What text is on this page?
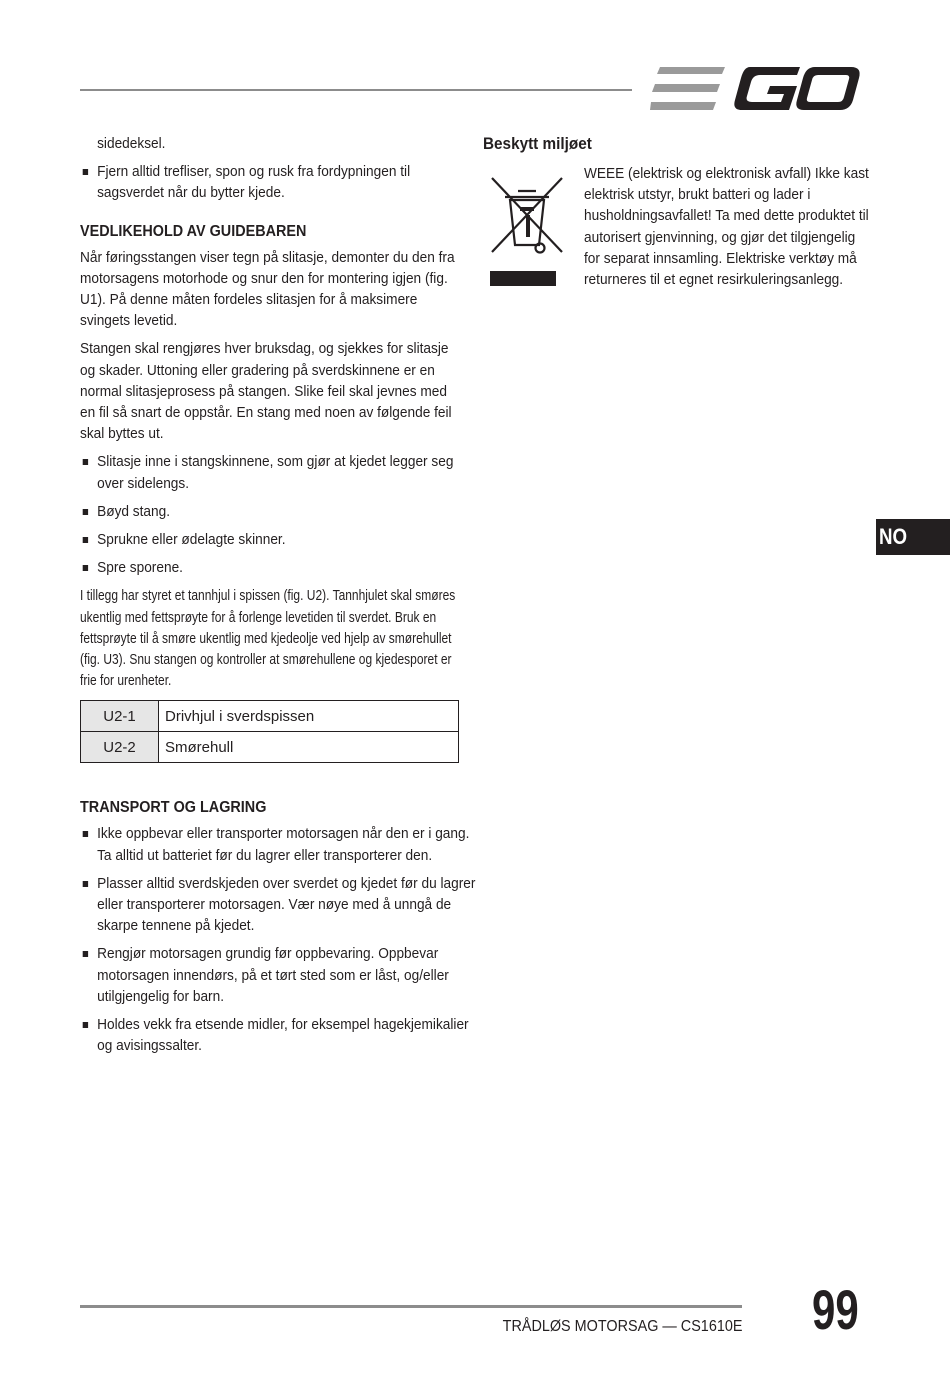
sidedeksel.
Fjern alltid trefliser, spon og rusk fra fordypningen til sagsverdet når du bytter kjede.
VEDLIKEHOLD AV GUIDEBAREN
Når føringsstangen viser tegn på slitasje, demonter du den fra motorsagens motorhode og snur den for montering igjen (fig. U1). På denne måten fordeles slitasjen for å maksimere svingets levetid.
Stangen skal rengjøres hver bruksdag, og sjekkes for slitasje og skader. Uttoning eller gradering på sverdskinnene er en normal slitasjeprosess på stangen. Slike feil skal jevnes med en fil så snart de oppstår. En stang med noen av følgende feil skal byttes ut.
Slitasje inne i stangskinnene, som gjør at kjedet legger seg over sidelengs.
Bøyd stang.
Sprukne eller ødelagte skinner.
Spre sporene.
I tillegg har styret et tannhjul i spissen (fig. U2). Tannhjulet skal smøres ukentlig med fettsprøyte for å forlenge levetiden til sverdet. Bruk en fettsprøyte til å smøre ukentlig med kjedeolje ved hjelp av smørehullet (fig. U3). Snu stangen og kontroller at smørehullene og kjedesporet er frie for urenheter.
U2-1	Drivhjul i sverdspissen
U2-2	Smørehull
TRANSPORT OG LAGRING
Ikke oppbevar eller transporter motorsagen når den er i gang. Ta alltid ut batteriet før du lagrer eller transporterer den.
Plasser alltid sverdskjeden over sverdet og kjedet før du lagrer eller transporterer motorsagen. Vær nøye med å unngå de skarpe tennene på kjedet.
Rengjør motorsagen grundig før oppbevaring. Oppbevar motorsagen innendørs, på et tørt sted som er låst, og/eller utilgjengelig for barn.
Holdes vekk fra etsende midler, for eksempel hagekjemikalier og avisingssalter.
Beskytt miljøet
WEEE (elektrisk og elektronisk avfall) Ikke kast elektrisk utstyr, brukt batteri og lader i husholdningsavfallet! Ta med dette produktet til autorisert gjenvinning, og gjør det tilgjengelig for separat innsamling. Elektriske verktøy må returneres til et egnet resirkuleringsanlegg.
NO
TRÅDLØS MOTORSAG — CS1610E 99
